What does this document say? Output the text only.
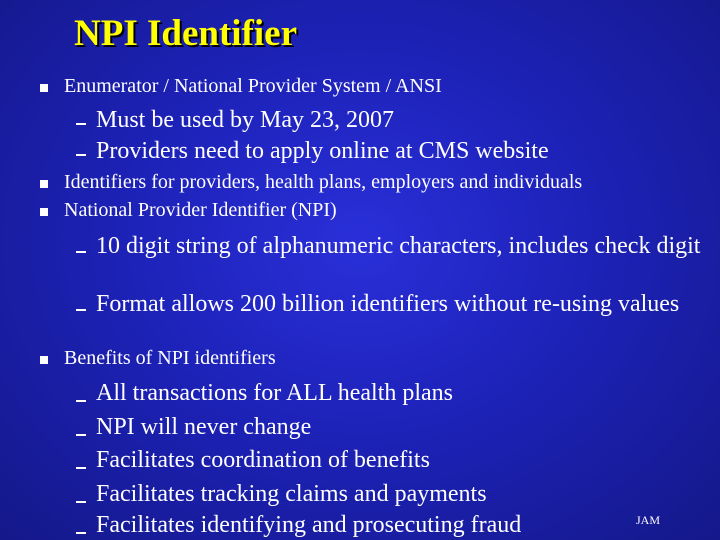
NPI Identifier
Enumerator / National Provider System / ANSI
Must be used by May 23, 2007
Providers need to apply online at CMS website
Identifiers for providers, health plans, employers and individuals
National Provider Identifier (NPI)
10 digit string of alphanumeric characters, includes check digit
Format allows 200 billion identifiers without re-using values
Benefits of NPI identifiers
All transactions for ALL health plans
NPI will never change
Facilitates coordination of benefits
Facilitates tracking claims and payments
Facilitates identifying and prosecuting fraud	JAM
